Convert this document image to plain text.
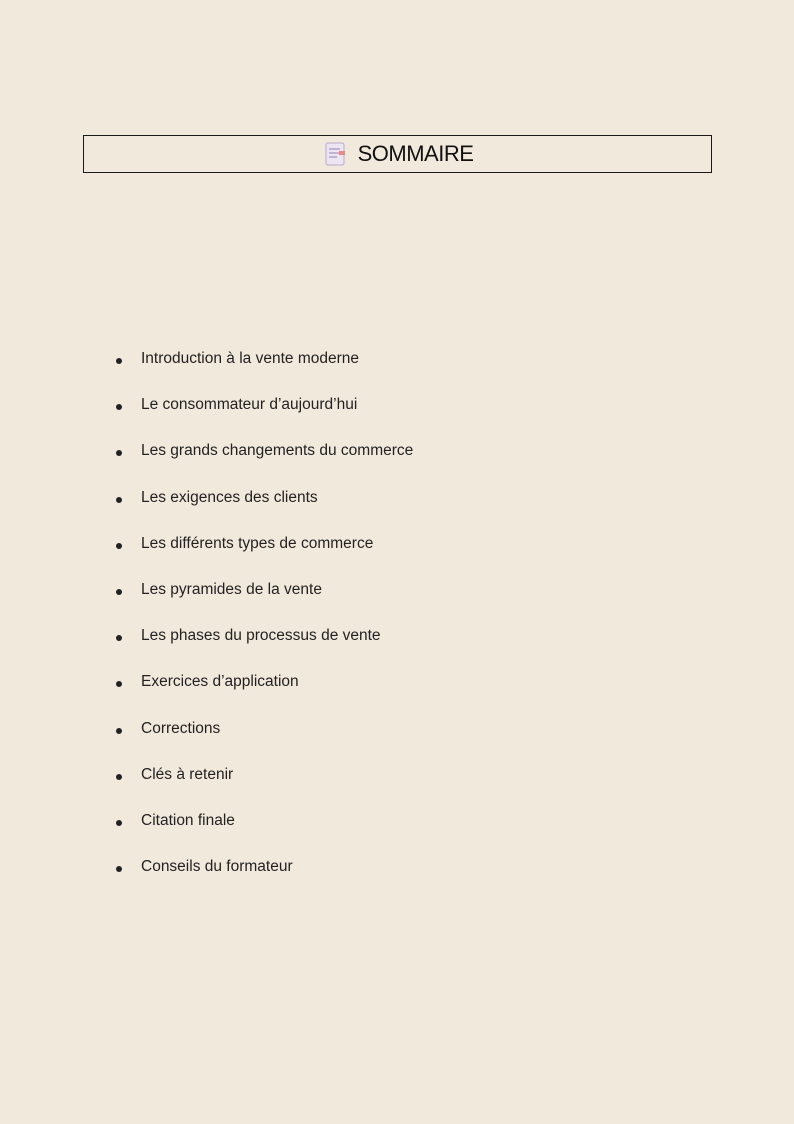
SOMMAIRE
Introduction à la vente moderne
Le consommateur d’aujourd’hui
Les grands changements du commerce
Les exigences des clients
Les différents types de commerce
Les pyramides de la vente
Les phases du processus de vente
Exercices d’application
Corrections
Clés à retenir
Citation finale
Conseils du formateur
